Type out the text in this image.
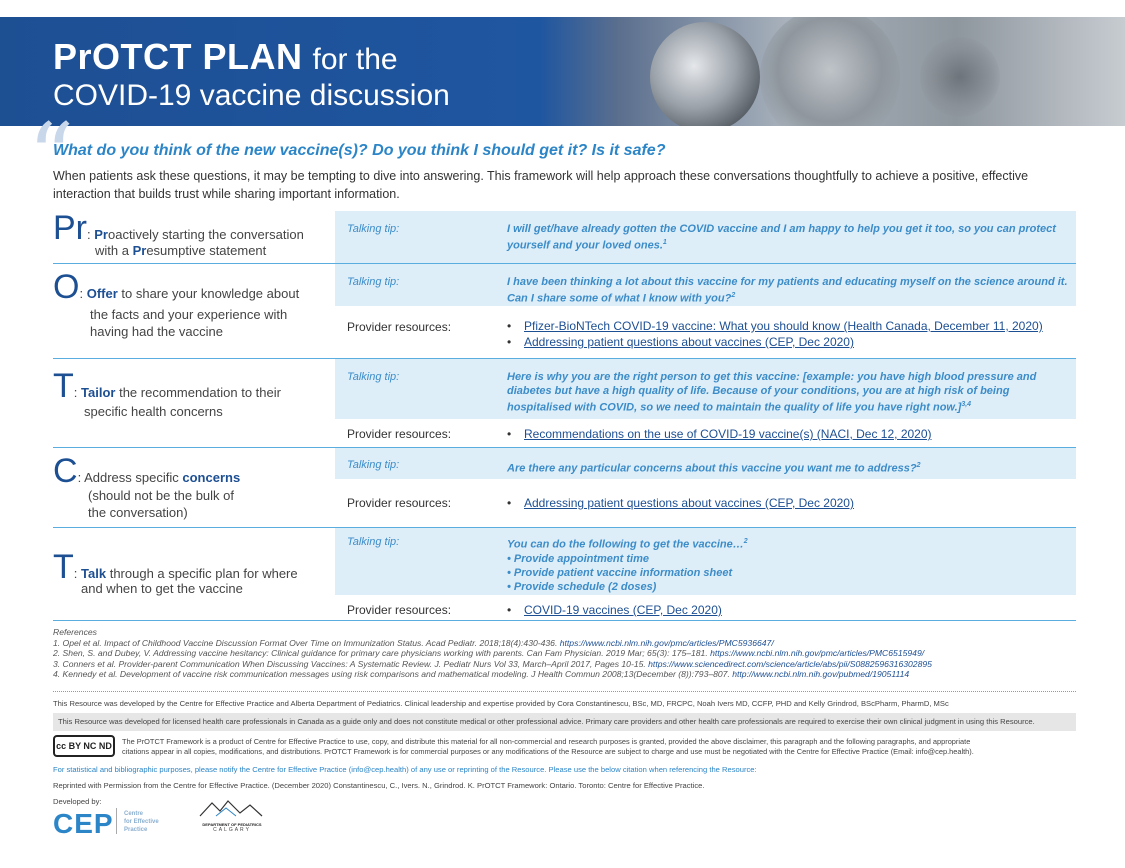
PrOTCT PLAN for the
COVID-19 vaccine discussion
“
What do you think of the new vaccine(s)? Do you think I should get it? Is it safe?
When patients ask these questions, it may be tempting to dive into answering. This framework will help approach these conversations thoughtfully to achieve a positive, effective interaction that builds trust while sharing important information.
Pr: Proactively starting the conversation
with a Presumptive statement
Talking tip:	I will get/have already gotten the COVID vaccine and I am happy to help you get it too, so you can protect yourself and your loved ones.$^1$
O: Offer to share your knowledge about
the facts and your experience with
having had the vaccine
Talking tip:	I have been thinking a lot about this vaccine for my patients and educating myself on the science around it. Can I share some of what I know with you?$^2$
Provider resources:	• Pfizer-BioNTech COVID-19 vaccine: What you should know (Health Canada, December 11, 2020)
• Addressing patient questions about vaccines (CEP, Dec 2020)
T: Tailor the recommendation to their
specific health concerns
Talking tip:	Here is why you are the right person to get this vaccine: [example: you have high blood pressure and diabetes but have a high quality of life. Because of your conditions, you are at high risk of being hospitalised with COVID, so we need to maintain the quality of life you have right now.]$^{3,4}$
Provider resources:	• Recommendations on the use of COVID-19 vaccine(s) (NACI, Dec 12, 2020)
C: Address specific concerns
(should not be the bulk of
the conversation)
Talking tip:	Are there any particular concerns about this vaccine you want me to address?$^2$
Provider resources:	• Addressing patient questions about vaccines (CEP, Dec 2020)
T: Talk through a specific plan for where
and when to get the vaccine
Talking tip:	You can do the following to get the vaccine…$^2$
• Provide appointment time
• Provide patient vaccine information sheet
• Provide schedule (2 doses)
Provider resources:	• COVID-19 vaccines (CEP, Dec 2020)
References
1. Opel et al. Impact of Childhood Vaccine Discussion Format Over Time on Immunization Status. Acad Pediatr. 2018;18(4):430-436. https://www.ncbi.nlm.nih.gov/pmc/articles/PMC5936647/
2. Shen, S. and Dubey, V. Addressing vaccine hesitancy: Clinical guidance for primary care physicians working with parents. Can Fam Physician. 2019 Mar; 65(3): 175–181. https://www.ncbi.nlm.nih.gov/pmc/articles/PMC6515949/
3. Conners et al. Provider-parent Communication When Discussing Vaccines: A Systematic Review. J. Pediatr Nurs Vol 33, March–April 2017, Pages 10-15. https://www.sciencedirect.com/science/article/abs/pii/S0882596316302895
4. Kennedy et al. Development of vaccine risk communication messages using risk comparisons and mathematical modeling. J Health Commun 2008;13(December (8)):793–807. http://www.ncbi.nlm.nih.gov/pubmed/19051114
This Resource was developed by the Centre for Effective Practice and Alberta Department of Pediatrics. Clinical leadership and expertise provided by Cora Constantinescu, BSc, MD, FRCPC, Noah Ivers MD, CCFP, PHD and Kelly Grindrod, BScPharm, PharmD, MSc
This Resource was developed for licensed health care professionals in Canada as a guide only and does not constitute medical or other professional advice. Primary care providers and other health care professionals are required to exercise their own clinical judgment in using this Resource.
cc BY NC ND	The PrOTCT Framework is a product of Centre for Effective Practice to use, copy, and distribute this material for all non-commercial and research purposes is granted, provided the above disclaimer, this paragraph and the following paragraphs, and appropriate
citations appear in all copies, modifications, and distributions. PrOTCT Framework is for commercial purposes or any modifications of the Resource are subject to charge and use must be negotiated with the Centre for Effective Practice (Email: info@cep.health).
For statistical and bibliographic purposes, please notify the Centre for Effective Practice (info@cep.health) of any use or reprinting of the Resource. Please use the below citation when referencing the Resource:
Reprinted with Permission from the Centre for Effective Practice. (December 2020) Constantinescu, C., Ivers. N., Grindrod. K. PrOTCT Framework: Ontario. Toronto: Centre for Effective Practice.
Developed by:
CEP Centre
for Effective
Practice
DEPARTMENT OF PEDIATRICS
CALGARY
